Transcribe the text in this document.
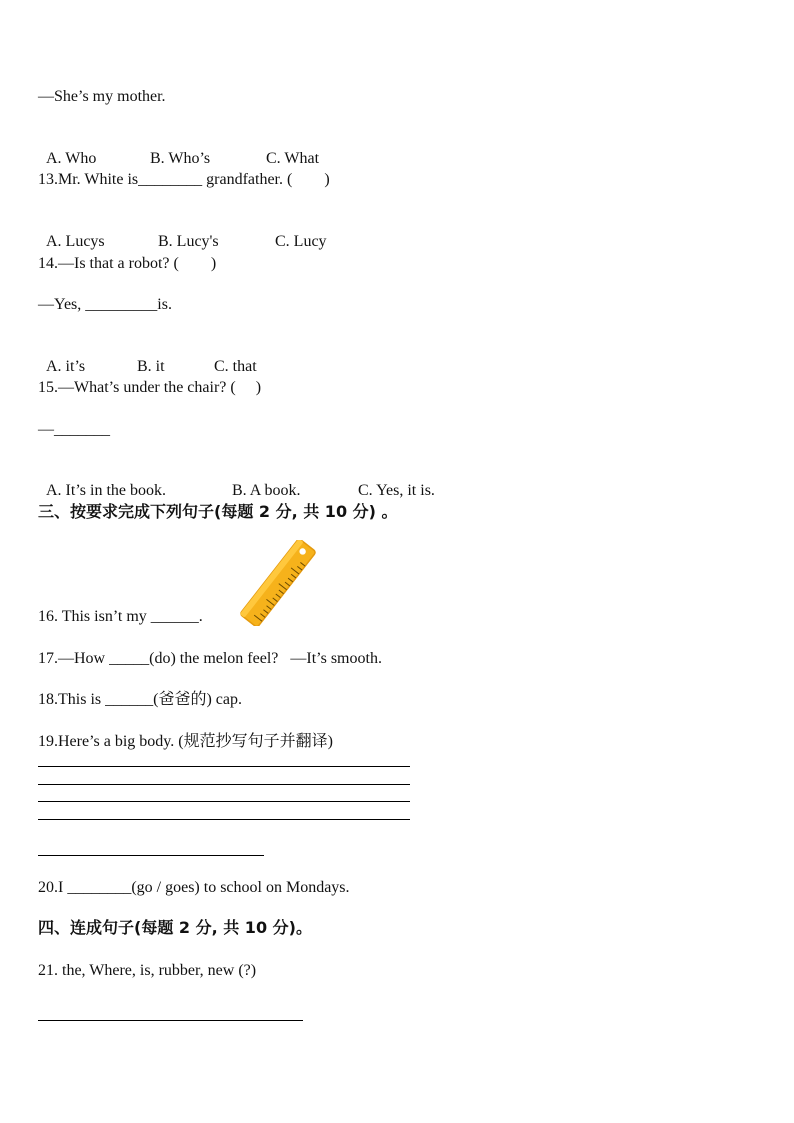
—She’s my mother.

A. Who	B. Who’s	C. What

13.Mr. White is________ grandfather. (        )

A. Lucys	B. Lucy's	C. Lucy

14.—Is that a robot? (        )
—Yes, _________is.

A. it’s	B. it	C. that

15.—What’s under the chair? (     )
—_______

A. It’s in the book.	B. A book.	C. Yes, it is.

三、按要求完成下列句子(每题 2 分, 共 10 分) 。
16. This isn’t my ______.
17.—How _____(do) the melon feel?   —It’s smooth.
18.This is ______(爸爸的) cap.
19.Here’s a big body. (规范抄写句子并翻译)
20.I ________(go / goes) to school on Mondays.
四、连成句子(每题 2 分, 共 10 分)。
21. the, Where, is, rubber, new (?)
